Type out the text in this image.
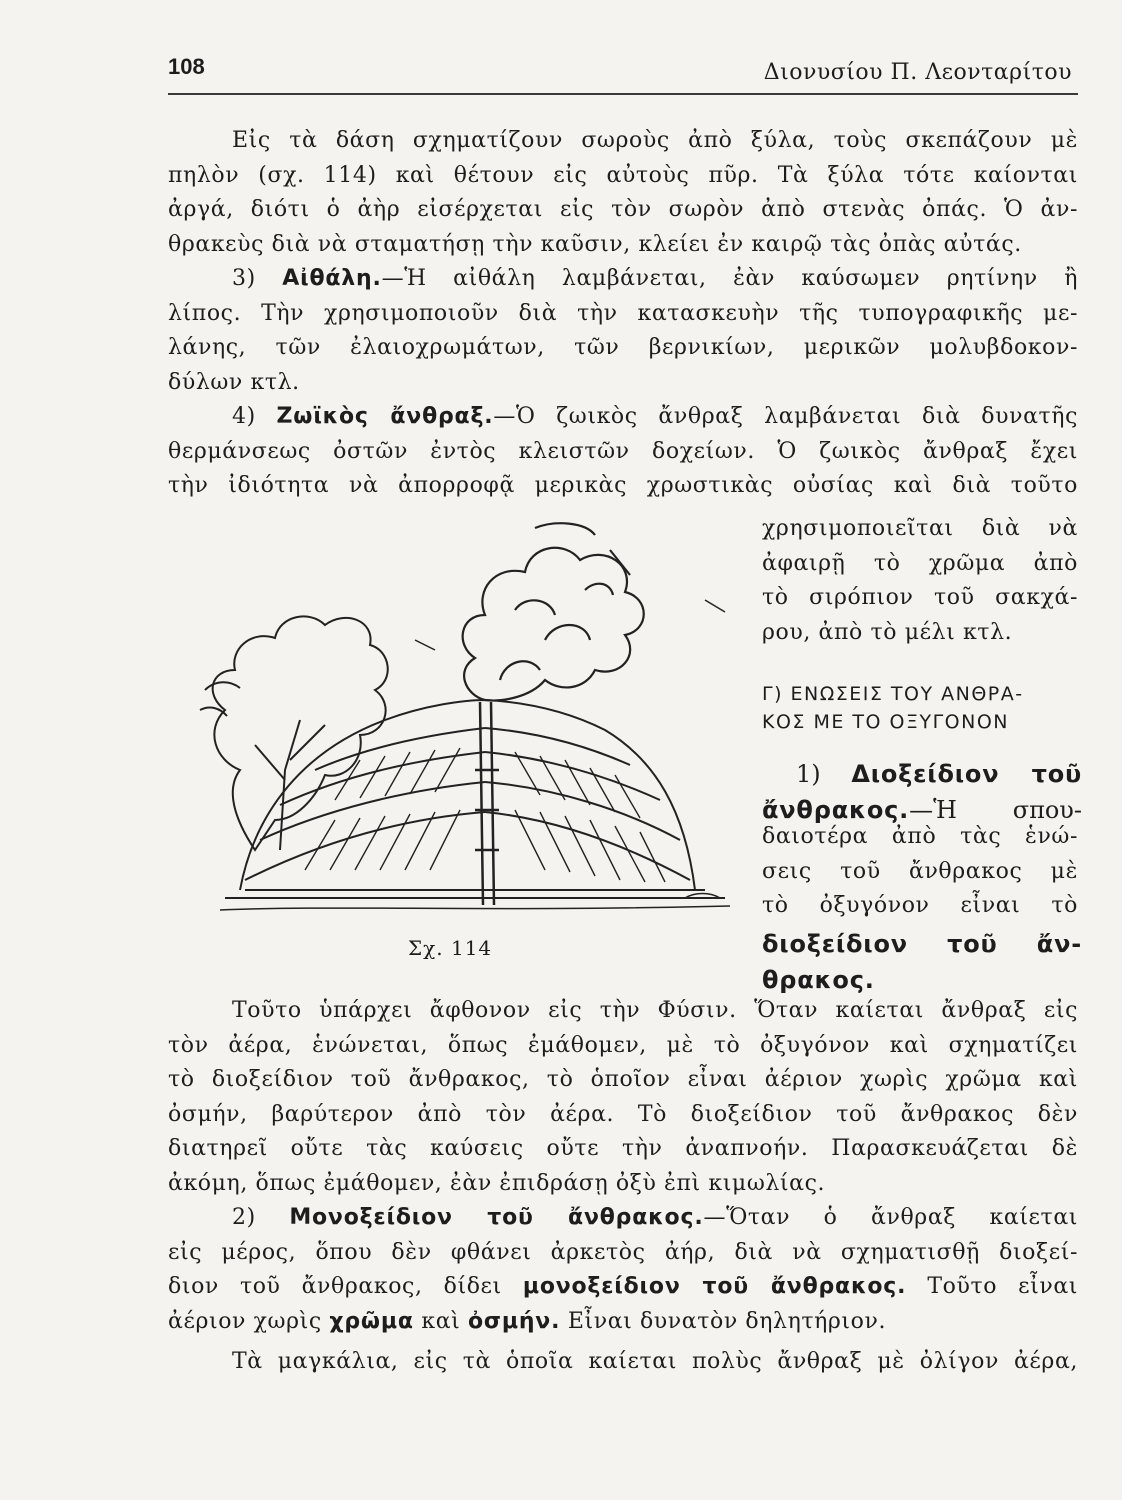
108	Διονυσίου Π. Λεονταρίτου
Εἰς τὰ δάση σχηματίζουν σωροὺς ἀπὸ ξύλα, τοὺς σκεπάζουν μὲ
πηλὸν (σχ. 114) καὶ θέτουν εἰς αὐτοὺς πῦρ. Τὰ ξύλα τότε καίονται
ἀργά, διότι ὁ ἀὴρ εἰσέρχεται εἰς τὸν σωρὸν ἀπὸ στενὰς ὀπάς. Ὁ ἀν-
θρακεὺς διὰ νὰ σταματήσῃ τὴν καῦσιν, κλείει ἐν καιρῷ τὰς ὀπὰς αὐτάς.
3) Αἰθάλη.—Ἡ αἰθάλη λαμβάνεται, ἐὰν καύσωμεν ρητίνην ἢ
λίπος. Τὴν χρησιμοποιοῦν διὰ τὴν κατασκευὴν τῆς τυπογραφικῆς με-
λάνης, τῶν ἐλαιοχρωμάτων, τῶν βερνικίων, μερικῶν μολυβδοκον-
δύλων κτλ.
4) Ζωϊκὸς ἄνθραξ.—Ὁ ζωικὸς ἄνθραξ λαμβάνεται διὰ δυνατῆς
θερμάνσεως ὀστῶν ἐντὸς κλειστῶν δοχείων. Ὁ ζωικὸς ἄνθραξ ἔχει
τὴν ἰδιότητα νὰ ἀπορροφᾷ μερικὰς χρωστικὰς οὐσίας καὶ διὰ τοῦτο
χρησιμοποιεῖται διὰ νὰ
ἀφαιρῇ τὸ χρῶμα ἀπὸ
τὸ σιρόπιον τοῦ σακχά-
ρου, ἀπὸ τὸ μέλι κτλ.
Γ) ΕΝΩΣΕΙΣ ΤΟΥ ΑΝΘΡΑ-
ΚΟΣ ΜΕ ΤΟ ΟΞΥΓΟΝΟΝ
1) Διοξείδιον τοῦ
ἄνθρακος.—Ἡ σπου-
δαιοτέρα ἀπὸ τὰς ἑνώ-
σεις τοῦ ἄνθρακος μὲ
τὸ ὀξυγόνον εἶναι τὸ
διοξείδιον τοῦ ἄν-
θρακος.
Σχ. 114
Τοῦτο ὑπάρχει ἄφθονον εἰς τὴν Φύσιν. Ὅταν καίεται ἄνθραξ εἰς
τὸν ἀέρα, ἑνώνεται, ὅπως ἐμάθομεν, μὲ τὸ ὀξυγόνον καὶ σχηματίζει
τὸ διοξείδιον τοῦ ἄνθρακος, τὸ ὁποῖον εἶναι ἀέριον χωρὶς χρῶμα καὶ
ὀσμήν, βαρύτερον ἀπὸ τὸν ἀέρα. Τὸ διοξείδιον τοῦ ἄνθρακος δὲν
διατηρεῖ οὔτε τὰς καύσεις οὔτε τὴν ἀναπνοήν. Παρασκευάζεται δὲ
ἀκόμη, ὅπως ἐμάθομεν, ἐὰν ἐπιδράσῃ ὀξὺ ἐπὶ κιμωλίας.
2) Μονοξείδιον τοῦ ἄνθρακος.—Ὅταν ὁ ἄνθραξ καίεται
εἰς μέρος, ὅπου δὲν φθάνει ἀρκετὸς ἀήρ, διὰ νὰ σχηματισθῇ διοξεί-
διον τοῦ ἄνθρακος, δίδει μονοξείδιον τοῦ ἄνθρακος. Τοῦτο εἶναι
ἀέριον χωρὶς χρῶμα καὶ ὀσμήν. Εἶναι δυνατὸν δηλητήριον.
Τὰ μαγκάλια, εἰς τὰ ὁποῖα καίεται πολὺς ἄνθραξ μὲ ὀλίγον ἀέρα,
